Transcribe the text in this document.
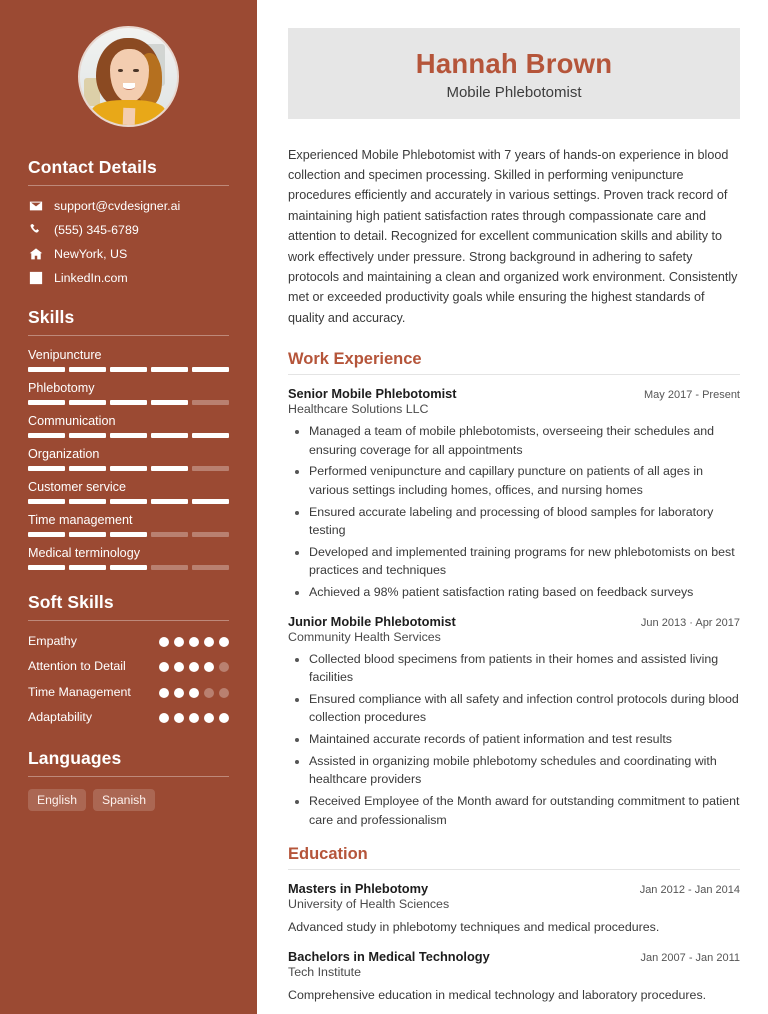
Contact Details
support@cvdesigner.ai
(555) 345-6789
NewYork, US
LinkedIn.com
Skills
Venipuncture
Phlebotomy
Communication
Organization
Customer service
Time management
Medical terminology
Soft Skills
Empathy
Attention to Detail
Time Management
Adaptability
Languages
English	Spanish
Hannah Brown
Mobile Phlebotomist

Experienced Mobile Phlebotomist with 7 years of hands-on experience in blood collection and specimen processing. Skilled in performing venipuncture procedures efficiently and accurately in various settings. Proven track record of maintaining high patient satisfaction rates through compassionate care and attention to detail. Recognized for excellent communication skills and ability to work effectively under pressure. Strong background in adhering to safety protocols and maintaining a clean and organized work environment. Consistently met or exceeded productivity goals while ensuring the highest standards of quality and accuracy.

Work Experience
Senior Mobile Phlebotomist	May 2017 - Present
Healthcare Solutions LLC
• Managed a team of mobile phlebotomists, overseeing their schedules and ensuring coverage for all appointments
• Performed venipuncture and capillary puncture on patients of all ages in various settings including homes, offices, and nursing homes
• Ensured accurate labeling and processing of blood samples for laboratory testing
• Developed and implemented training programs for new phlebotomists on best practices and techniques
• Achieved a 98% patient satisfaction rating based on feedback surveys
Junior Mobile Phlebotomist	Jun 2013 · Apr 2017
Community Health Services
• Collected blood specimens from patients in their homes and assisted living facilities
• Ensured compliance with all safety and infection control protocols during blood collection procedures
• Maintained accurate records of patient information and test results
• Assisted in organizing mobile phlebotomy schedules and coordinating with healthcare providers
• Received Employee of the Month award for outstanding commitment to patient care and professionalism
Education
Masters in Phlebotomy	Jan 2012 - Jan 2014
University of Health Sciences
Advanced study in phlebotomy techniques and medical procedures.
Bachelors in Medical Technology	Jan 2007 - Jan 2011
Tech Institute
Comprehensive education in medical technology and laboratory procedures.
